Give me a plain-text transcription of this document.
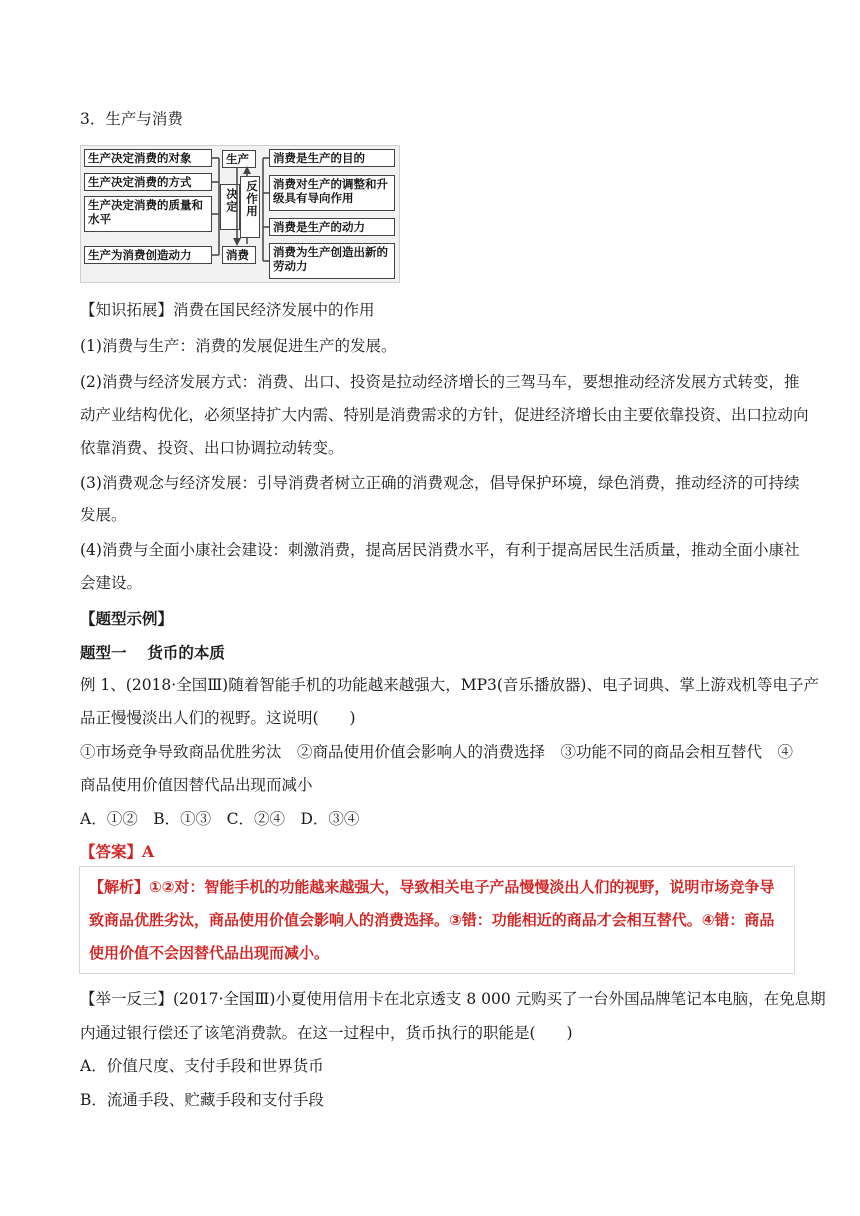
3．生产与消费
生产决定消费的对象
生产决定消费的方式
生产决定消费的质量和水平
生产为消费创造动力
决定
生产
消费
反作用
消费是生产的目的
消费对生产的调整和升级具有导向作用
消费是生产的动力
消费为生产创造出新的劳动力
【知识拓展】消费在国民经济发展中的作用
(1)消费与生产：消费的发展促进生产的发展。
(2)消费与经济发展方式：消费、出口、投资是拉动经济增长的三驾马车，要想推动经济发展方式转变，推
动产业结构优化，必须坚持扩大内需、特别是消费需求的方针，促进经济增长由主要依靠投资、出口拉动向
依靠消费、投资、出口协调拉动转变。
(3)消费观念与经济发展：引导消费者树立正确的消费观念，倡导保护环境，绿色消费，推动经济的可持续
发展。
(4)消费与全面小康社会建设：刺激消费，提高居民消费水平，有利于提高居民生活质量，推动全面小康社
会建设。
【题型示例】
题型一　 货币的本质
例 1、(2018·全国Ⅲ)随着智能手机的功能越来越强大，MP3(音乐播放器)、电子词典、掌上游戏机等电子产
品正慢慢淡出人们的视野。这说明(　　)
①市场竞争导致商品优胜劣汰　②商品使用价值会影响人的消费选择　③功能不同的商品会相互替代　④
商品使用价值因替代品出现而减小
A．①②　B．①③　C．②④　D．③④
【答案】A
【解析】①②对：智能手机的功能越来越强大，导致相关电子产品慢慢淡出人们的视野，说明市场竞争导
致商品优胜劣汰，商品使用价值会影响人的消费选择。③错：功能相近的商品才会相互替代。④错：商品
使用价值不会因替代品出现而减小。
【举一反三】(2017·全国Ⅲ)小夏使用信用卡在北京透支 8 000 元购买了一台外国品牌笔记本电脑，在免息期
内通过银行偿还了该笔消费款。在这一过程中，货币执行的职能是(　　)
A．价值尺度、支付手段和世界货币
B．流通手段、贮藏手段和支付手段
